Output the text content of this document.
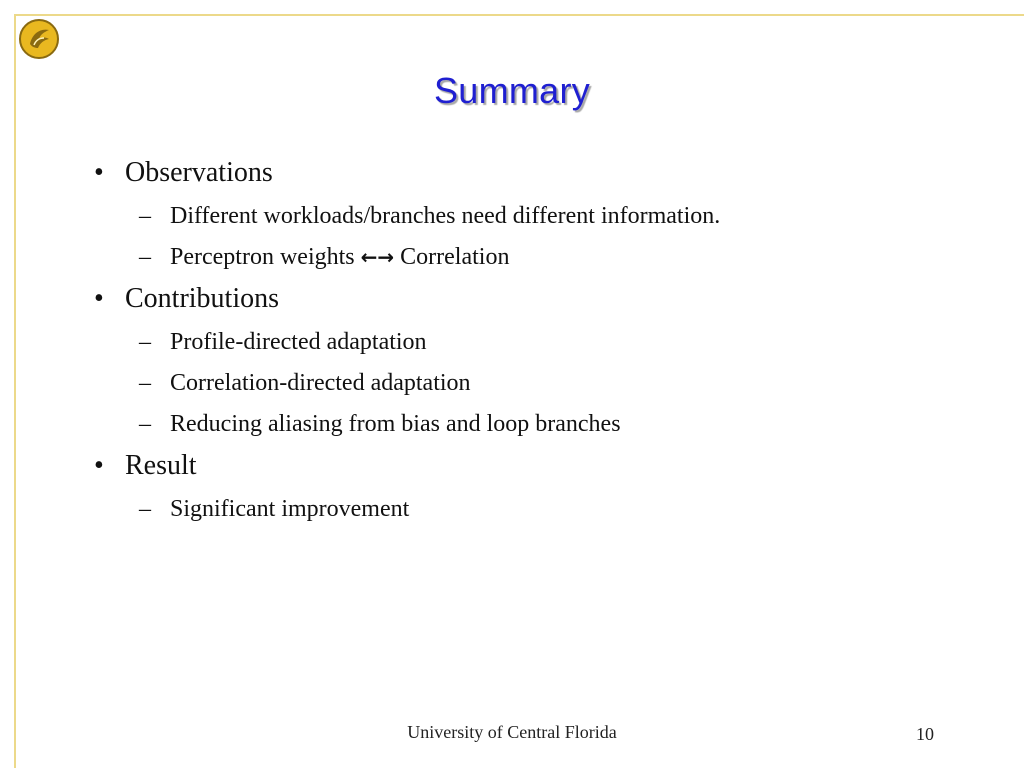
Summary
• Observations
– Different workloads/branches need different information.
– Perceptron weights ←→ Correlation
• Contributions
– Profile-directed adaptation
– Correlation-directed adaptation
– Reducing aliasing from bias and loop branches
• Result
– Significant improvement
University of Central Florida	10
